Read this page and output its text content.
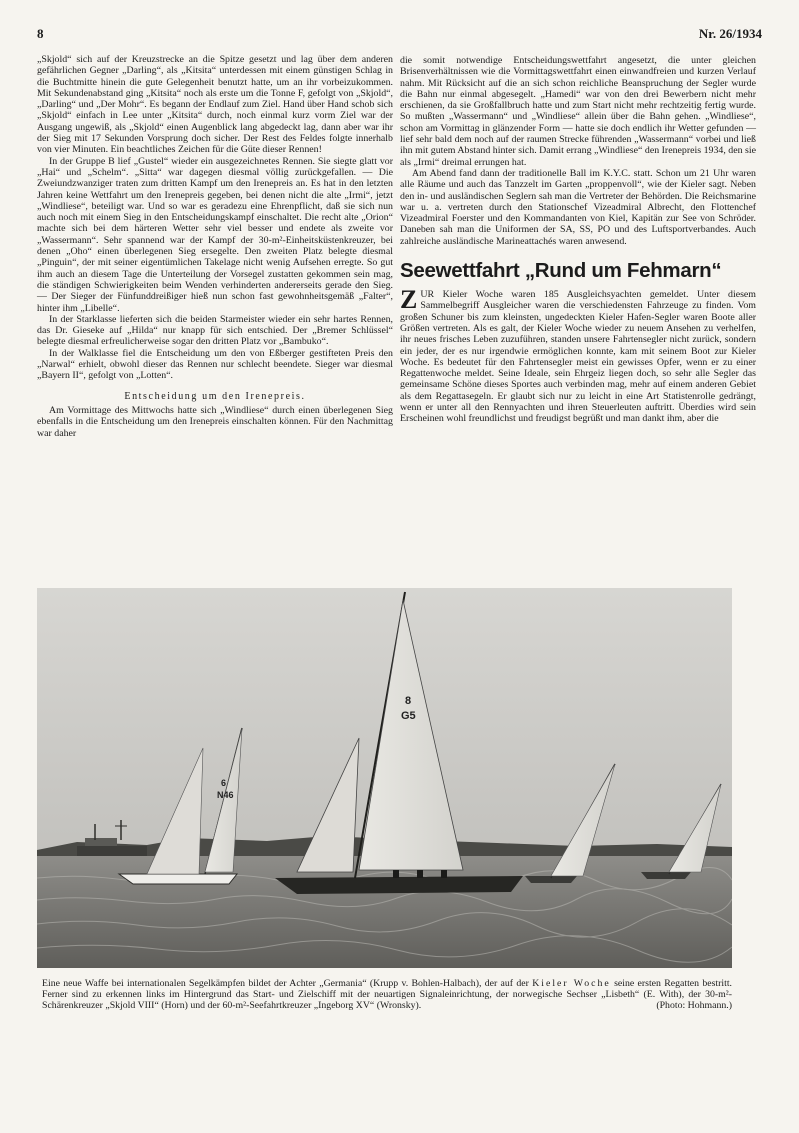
8	Nr. 26/1934

„Skjold“ sich auf der Kreuzstrecke an die Spitze gesetzt und lag über dem anderen gefährlichen Gegner „Darling“, als „Kitsita“ unterdessen mit einem günstigen Schlag in die Buchtmitte hinein die gute Gelegenheit benutzt hatte, um an ihr vorbeizukommen. Mit Sekundenabstand ging „Kitsita“ noch als erste um die Tonne F, gefolgt von „Skjold“, „Darling“ und „Der Mohr“. Es begann der Endlauf zum Ziel. Hand über Hand schob sich „Skjold“ einfach in Lee unter „Kitsita“ durch, noch einmal kurz vorm Ziel war der Ausgang ungewiß, als „Skjold“ einen Augenblick lang abgedeckt lag, dann aber war ihr der Sieg mit 17 Sekunden Vorsprung doch sicher. Der Rest des Feldes folgte innerhalb von vier Minuten. Ein beachtliches Zeichen für die Güte dieser Rennen!

In der Gruppe B lief „Gustel“ wieder ein ausgezeichnetes Rennen. Sie siegte glatt vor „Hai“ und „Schelm“. „Sitta“ war dagegen diesmal völlig zurückgefallen. — Die Zweiundzwanziger traten zum dritten Kampf um den Irenepreis an. Es hat in den letzten Jahren keine Wettfahrt um den Irenepreis gegeben, bei denen nicht die alte „Irmi“, jetzt „Windliese“, beteiligt war. Und so war es geradezu eine Ehrenpflicht, daß sie sich nun auch noch mit einem Sieg in den Entscheidungskampf einschaltet. Die recht alte „Orion“ machte sich bei dem härteren Wetter sehr viel besser und endete als zweite vor „Wassermann“. Sehr spannend war der Kampf der 30-m²-Einheitsküstenkreuzer, bei denen „Oho“ einen überlegenen Sieg ersegelte. Den zweiten Platz belegte diesmal „Pinguin“, der mit seiner eigentümlichen Takelage nicht wenig Aufsehen erregte. So gut ihm auch an diesem Tage die Unterteilung der Vorsegel zustatten gekommen sein mag, die ständigen Schwierigkeiten beim Wenden verhinderten andererseits gerade den Sieg. — Der Sieger der Fünfunddreißiger hieß nun schon fast gewohnheitsgemäß „Falter“, hinter ihm „Libelle“.

In der Starklasse lieferten sich die beiden Starmeister wieder ein sehr hartes Rennen, das Dr. Gieseke auf „Hilda“ nur knapp für sich entschied. Der „Bremer Schlüssel“ belegte diesmal erfreulicherweise sogar den dritten Platz vor „Bambuko“.

In der Walklasse fiel die Entscheidung um den von Eßberger gestifteten Preis den „Narwal“ erhielt, obwohl dieser das Rennen nur schlecht beendete. Sieger war diesmal „Bayern II“, gefolgt von „Lotten“.

Entscheidung um den Irenepreis.

Am Vormittage des Mittwochs hatte sich „Windliese“ durch einen überlegenen Sieg ebenfalls in die Entscheidung um den Irenepreis einschalten können. Für den Nachmittag war daher

die somit notwendige Entscheidungswettfahrt angesetzt, die unter gleichen Brisenverhältnissen wie die Vormittagswettfahrt einen einwandfreien und kurzen Verlauf nahm. Mit Rücksicht auf die an sich schon reichliche Beanspruchung der Segler wurde die Bahn nur einmal abgesegelt. „Hamedi“ war von den drei Bewerbern nicht mehr erschienen, da sie Großfallbruch hatte und zum Start nicht mehr rechtzeitig fertig wurde. So mußten „Wassermann“ und „Windliese“ allein über die Bahn gehen. „Windliese“, schon am Vormittag in glänzender Form — hatte sie doch endlich ihr Wetter gefunden — lief sehr bald dem noch auf der raumen Strecke führenden „Wassermann“ vorbei und ließ ihn mit gutem Abstand hinter sich. Damit errang „Windliese“ den Irenepreis 1934, den sie als „Irmi“ dreimal errungen hat.

Am Abend fand dann der traditionelle Ball im K.Y.C. statt. Schon um 21 Uhr waren alle Räume und auch das Tanzzelt im Garten „proppenvoll“, wie der Kieler sagt. Neben den in- und ausländischen Seglern sah man die Vertreter der Behörden. Die Reichsmarine war u. a. vertreten durch den Stationschef Vizeadmiral Albrecht, den Flottenchef Vizeadmiral Foerster und den Kommandanten von Kiel, Kapitän zur See von Schröder. Daneben sah man die Uniformen der SA, SS, PO und des Luftsportverbandes. Auch zahlreiche ausländische Marineattachés waren anwesend.

Seewettfahrt „Rund um Fehmarn“

ZUR Kieler Woche waren 185 Ausgleichsyachten gemeldet. Unter diesem Sammelbegriff Ausgleicher waren die verschiedensten Fahrzeuge zu finden. Vom großen Schuner bis zum kleinsten, ungedeckten Kieler Hafen-Segler waren Boote aller Größen vertreten. Als es galt, der Kieler Woche wieder zu neuem Ansehen zu verhelfen, ihr neues frisches Leben zuzuführen, standen unsere Fahrtensegler nicht zurück, sondern ein jeder, der es nur irgendwie ermöglichen konnte, kam mit seinem Boot zur Kieler Woche. Es bedeutet für den Fahrtensegler meist ein gewisses Opfer, wenn er zu einer Regattenwoche meldet. Seine Ideale, sein Ehrgeiz liegen doch, so sehr alle Segler das gemeinsame Schöne dieses Sportes auch verbinden mag, mehr auf einem anderen Gebiet als dem Regattasegeln. Er glaubt sich nur zu leicht in eine Art Statistenrolle gedrängt, wenn er unter all den Rennyachten und ihren Steuerleuten auftritt. Überdies wird sein Erscheinen wohl freundlichst und freudigst begrüßt und man dankt ihm, aber die

6
N46
8
G5
Eine neue Waffe bei internationalen Segelkämpfen bildet der Achter „Germania“ (Krupp v. Bohlen-Halbach), der auf der Kieler Woche seine ersten Regatten bestritt. Ferner sind zu erkennen links im Hintergrund das Start- und Zielschiff mit der neuartigen Signaleinrichtung, der norwegische Sechser „Lisbeth“ (E. With), der 30-m²-Schärenkreuzer „Skjold VIII“ (Horn) und der 60-m²-Seefahrtkreuzer „Ingeborg XV“ (Wronsky).	(Photo: Hohmann.)
